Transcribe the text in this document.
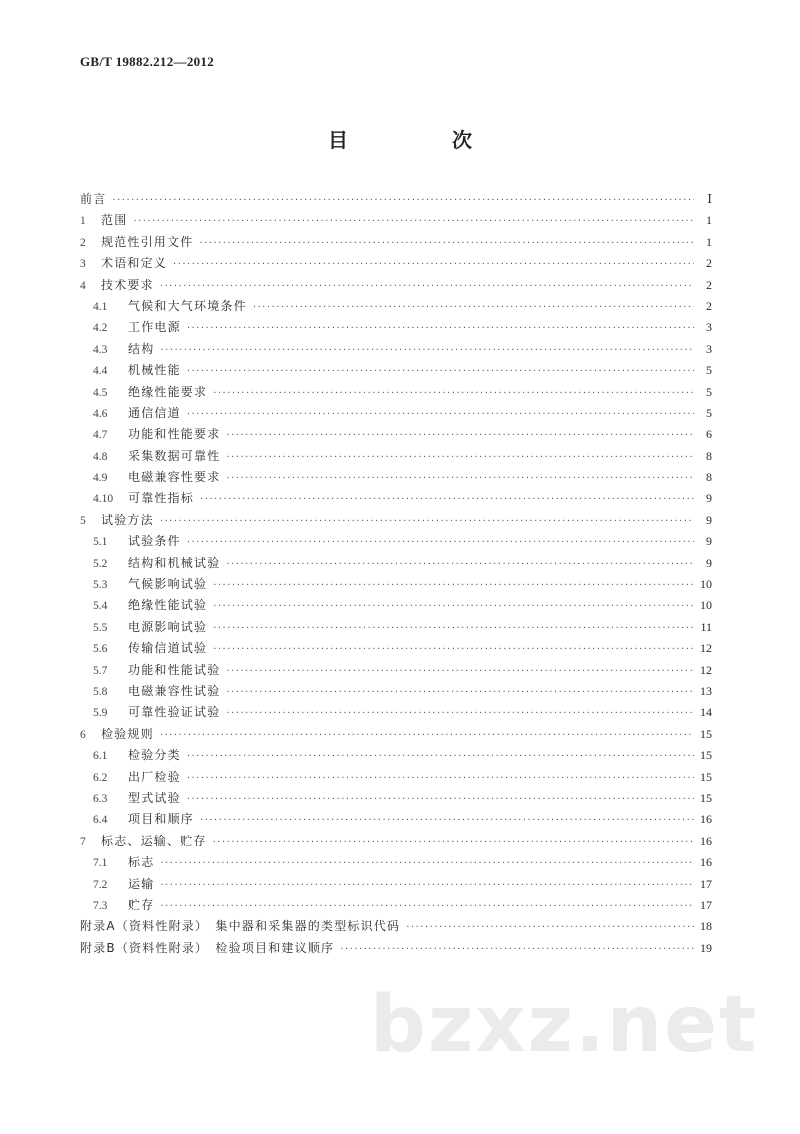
GB/T 19882.212—2012
目　次
前言 ·····	Ⅰ
1	范围 ·····	1
2	规范性引用文件 ·····	1
3	术语和定义 ·····	2
4	技术要求 ·····	2
4.1	气候和大气环境条件 ·····	2
4.2	工作电源 ·····	3
4.3	结构 ·····	3
4.4	机械性能 ·····	5
4.5	绝缘性能要求 ·····	5
4.6	通信信道 ·····	5
4.7	功能和性能要求 ·····	6
4.8	采集数据可靠性 ·····	8
4.9	电磁兼容性要求 ·····	8
4.10	可靠性指标 ·····	9
5	试验方法 ·····	9
5.1	试验条件 ·····	9
5.2	结构和机械试验 ·····	9
5.3	气候影响试验 ·····	10
5.4	绝缘性能试验 ·····	10
5.5	电源影响试验 ·····	11
5.6	传输信道试验 ·····	12
5.7	功能和性能试验 ·····	12
5.8	电磁兼容性试验 ·····	13
5.9	可靠性验证试验 ·····	14
6	检验规则 ·····	15
6.1	检验分类 ·····	15
6.2	出厂检验 ·····	15
6.3	型式试验 ·····	15
6.4	项目和顺序 ·····	16
7	标志、运输、贮存 ·····	16
7.1	标志 ·····	16
7.2	运输 ·····	17
7.3	贮存 ·····	17
附录A（资料性附录）　集中器和采集器的类型标识代码 ·····	18
附录B（资料性附录）　检验项目和建议顺序 ·····	19
bzxz.net
